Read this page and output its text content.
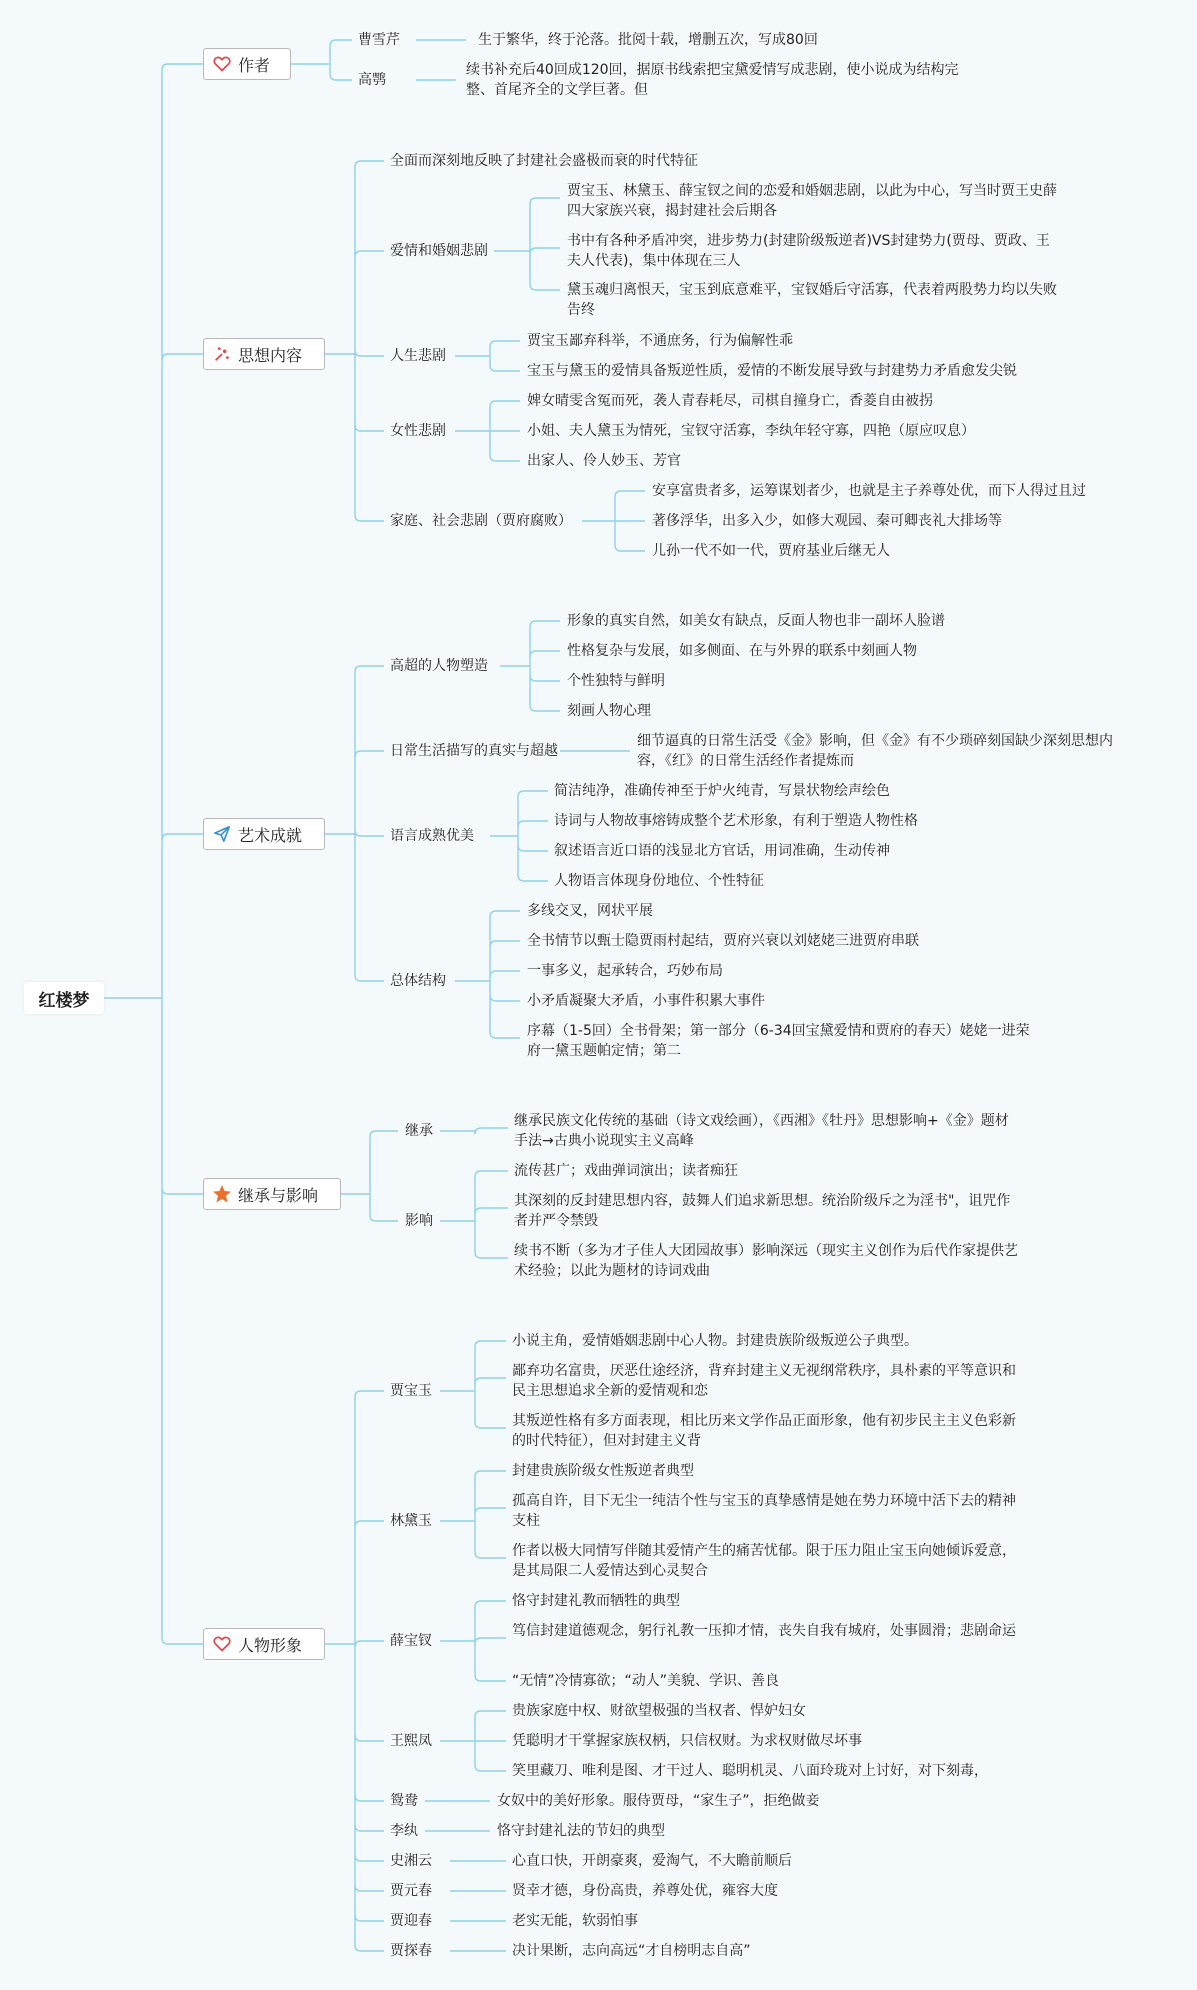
红楼梦
作者
思想内容
艺术成就
继承与影响
人物形象
曹雪芹	生于繁华，终于沦落。批阅十载，增删五次，写成80回
高鹗
续书补充后40回成120回，据原书线索把宝黛爱情写成悲剧，使小说成为结构完整、首尾齐全的文学巨著。但
全面而深刻地反映了封建社会盛极而衰的时代特征
爱情和婚姻悲剧
贾宝玉、林黛玉、薛宝钗之间的恋爱和婚姻悲剧，以此为中心，写当时贾王史薛四大家族兴衰，揭封建社会后期各
书中有各种矛盾冲突，进步势力(封建阶级叛逆者)VS封建势力(贾母、贾政、王夫人代表)，集中体现在三人
黛玉魂归离恨天，宝玉到底意难平，宝钗婚后守活寡，代表着两股势力均以失败告终
人生悲剧
贾宝玉鄙弃科举，不通庶务，行为偏解性乖
宝玉与黛玉的爱情具备叛逆性质，爱情的不断发展导致与封建势力矛盾愈发尖锐
女性悲剧
婢女晴雯含冤而死，袭人青春耗尽，司棋自撞身亡，香菱自由被拐
小姐、夫人黛玉为情死，宝钗守活寡，李纨年轻守寡，四艳（原应叹息）
出家人、伶人妙玉、芳官
家庭、社会悲剧（贾府腐败）
安享富贵者多，运筹谋划者少，也就是主子养尊处优，而下人得过且过
著侈浮华，出多入少，如修大观园、秦可卿丧礼大排场等
儿孙一代不如一代，贾府基业后继无人
高超的人物塑造
形象的真实自然，如美女有缺点，反面人物也非一副坏人脸谱
性格复杂与发展，如多侧面、在与外界的联系中刻画人物
个性独特与鲜明
刻画人物心理
日常生活描写的真实与超越
细节逼真的日常生活受《金》影响，但《金》有不少琐碎刻国缺少深刻思想内容，《红》的日常生活经作者提炼而
语言成熟优美
简洁纯净，准确传神至于炉火纯青，写景状物绘声绘色
诗词与人物故事熔铸成整个艺术形象，有利于塑造人物性格
叙述语言近口语的浅显北方官话，用词准确，生动传神
人物语言体现身份地位、个性特征
总体结构
多线交叉，网状平展
全书情节以甄士隐贾雨村起结，贾府兴衰以刘姥姥三进贾府串联
一事多义，起承转合，巧妙布局
小矛盾凝聚大矛盾，小事件积累大事件
序幕（1-5回）全书骨架；第一部分（6-34回宝黛爱情和贾府的春天）姥姥一进荣府一黛玉题帕定情；第二
继承
继承民族文化传统的基础（诗文戏绘画），《西湘》《牡丹》思想影响+《金》题材手法→古典小说现实主义高峰
影响
流传甚广；戏曲弹词演出；读者痴狂
其深刻的反封建思想内容，鼓舞人们追求新思想。统治阶级斥之为淫书"，诅咒作者并严令禁毁
续书不断（多为才子佳人大团园故事）影响深远（现实主义创作为后代作家提供艺术经验；以此为题材的诗词戏曲
贾宝玉
小说主角，爱情婚姻悲剧中心人物。封建贵族阶级叛逆公子典型。
鄙弃功名富贵，厌恶仕途经济，背弃封建主义无视纲常秩序，具朴素的平等意识和民主思想追求全新的爱情观和恋
其叛逆性格有多方面表现，相比历来文学作品正面形象，他有初步民主主义色彩新的时代特征），但对封建主义背
林黛玉
封建贵族阶级女性叛逆者典型
孤高自许，目下无尘一纯洁个性与宝玉的真挚感情是她在势力环境中活下去的精神支柱
作者以极大同情写伴随其爱情产生的痛苦忧郁。限于压力阻止宝玉向她倾诉爱意，是其局限二人爱情达到心灵契合
薛宝钗
恪守封建礼教而牺牲的典型
笃信封建道德观念，躬行礼教一压抑才情，丧失自我有城府，处事圆滑；悲剧命运
“无情”冷情寡欲；“动人”美貌、学识、善良
王熙凤
贵族家庭中权、财欲望极强的当权者、悍妒妇女
凭聪明才干掌握家族权柄，只信权财。为求权财做尽坏事
笑里藏刀、唯利是图、才干过人、聪明机灵、八面玲珑对上讨好，对下刻毒，
鸳鸯	女奴中的美好形象。服侍贾母，“家生子”，拒绝做妾
李纨	恪守封建礼法的节妇的典型
史湘云	心直口快，开朗豪爽，爱淘气，不大瞻前顺后
贾元春	贤幸才德，身份高贵，养尊处优，雍容大度
贾迎春	老实无能，软弱怕事
贾探春	决计果断，志向高远“才自榜明志自高”
